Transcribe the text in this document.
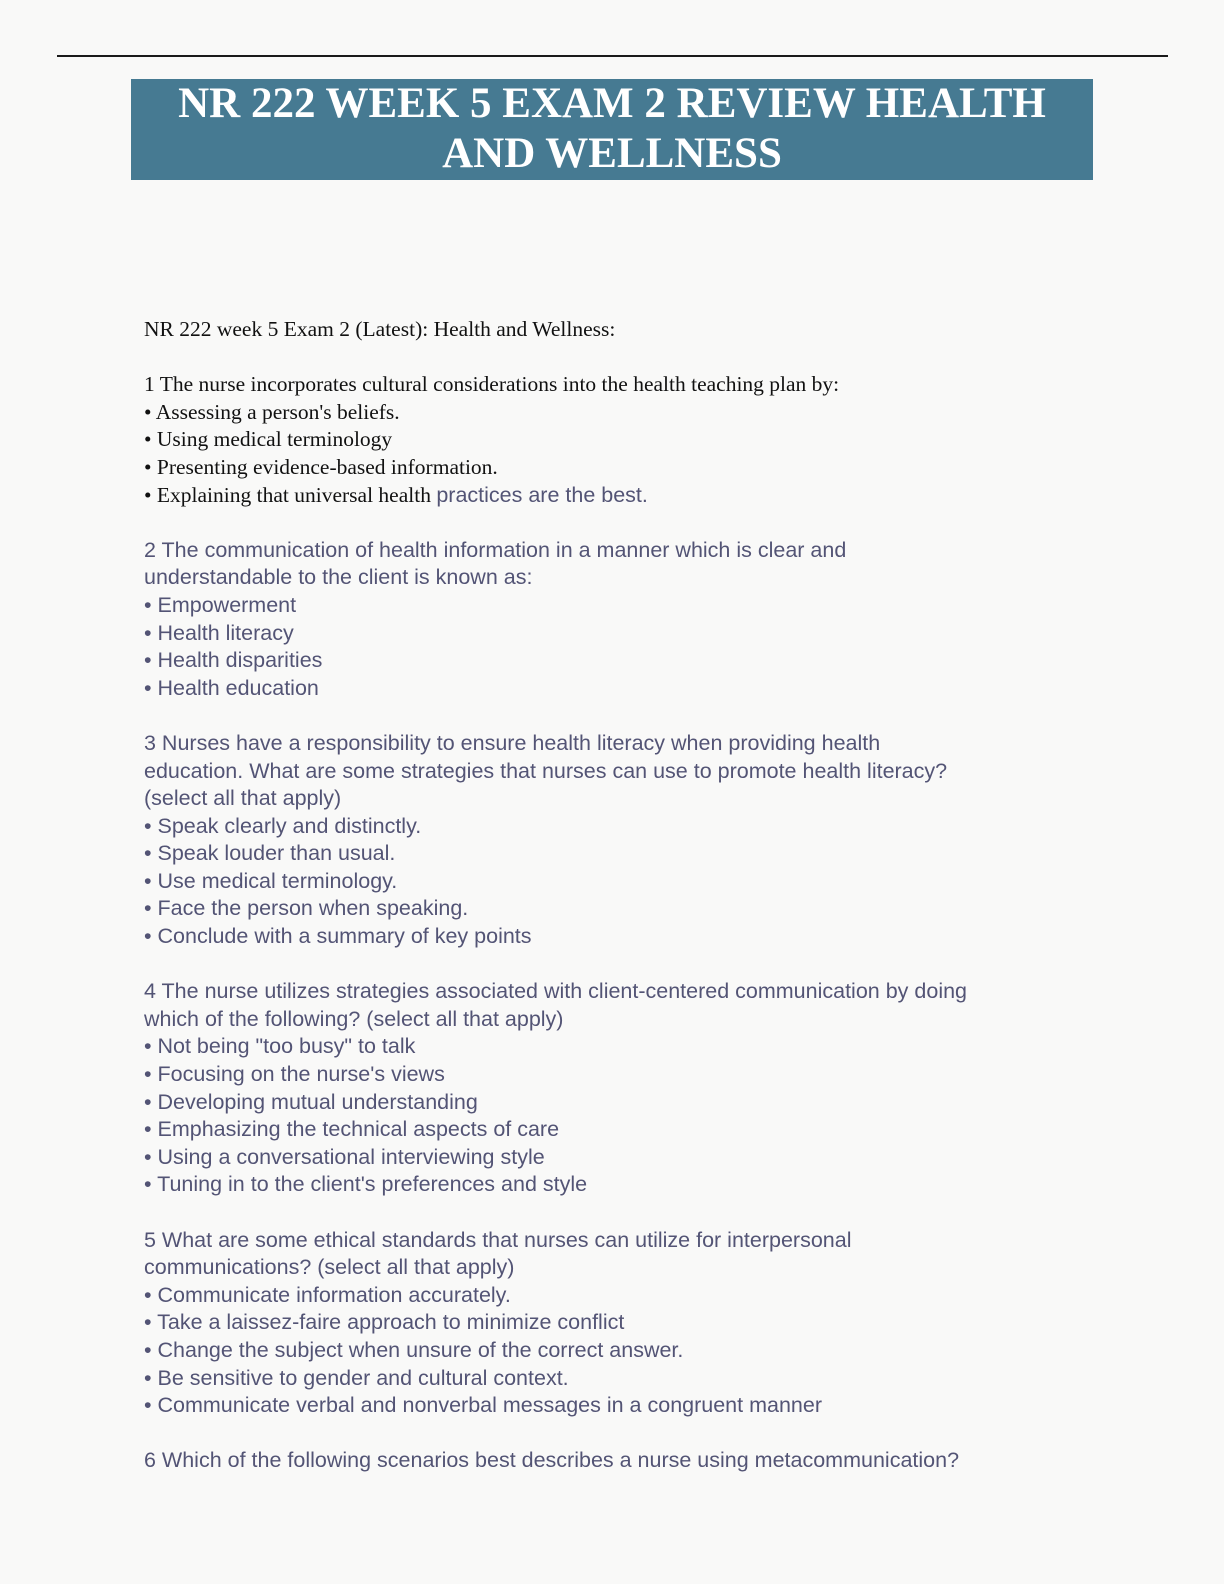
NR 222 WEEK 5 EXAM 2 REVIEW HEALTH
AND WELLNESS
NR 222 week 5 Exam 2 (Latest): Health and Wellness:
1 The nurse incorporates cultural considerations into the health teaching plan by:
• Assessing a person's beliefs.
• Using medical terminology
• Presenting evidence-based information.
• Explaining that universal health practices are the best.
2 The communication of health information in a manner which is clear and
understandable to the client is known as:
• Empowerment
• Health literacy
• Health disparities
• Health education
3 Nurses have a responsibility to ensure health literacy when providing health
education. What are some strategies that nurses can use to promote health literacy?
(select all that apply)
• Speak clearly and distinctly.
• Speak louder than usual.
• Use medical terminology.
• Face the person when speaking.
• Conclude with a summary of key points
4 The nurse utilizes strategies associated with client-centered communication by doing
which of the following? (select all that apply)
• Not being "too busy" to talk
• Focusing on the nurse's views
• Developing mutual understanding
• Emphasizing the technical aspects of care
• Using a conversational interviewing style
• Tuning in to the client's preferences and style
5 What are some ethical standards that nurses can utilize for interpersonal
communications? (select all that apply)
• Communicate information accurately.
• Take a laissez-faire approach to minimize conflict
• Change the subject when unsure of the correct answer.
• Be sensitive to gender and cultural context.
• Communicate verbal and nonverbal messages in a congruent manner
6 Which of the following scenarios best describes a nurse using metacommunication?
